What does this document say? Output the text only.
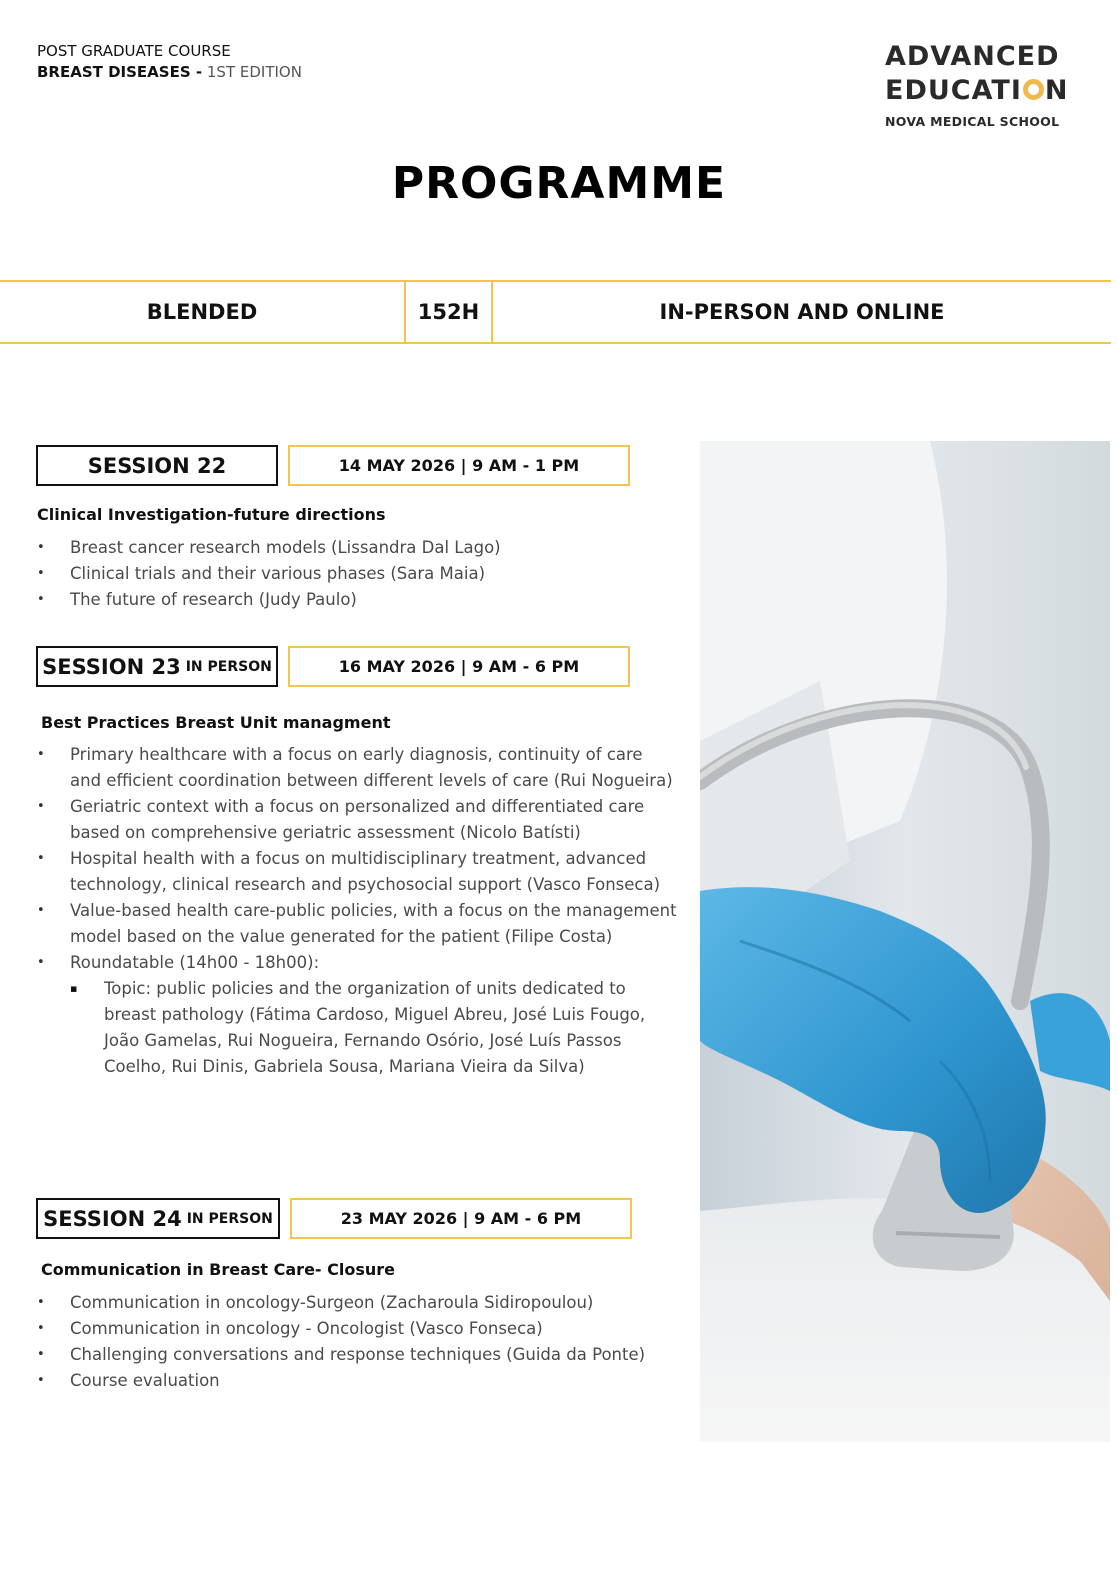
POST GRADUATE COURSE
BREAST DISEASES - 1ST EDITION	ADVANCED
EDUCATI N
NOVA MEDICAL SCHOOL
PROGRAMME
BLENDED	152H	IN-PERSON AND ONLINE
SESSION 22	14 MAY 2026 | 9 AM - 1 PM
Clinical Investigation-future directions
• Breast cancer research models (Lissandra Dal Lago)
• Clinical trials and their various phases (Sara Maia)
• The future of research (Judy Paulo)
SESSION 23 IN PERSON	16 MAY 2026 | 9 AM - 6 PM
Best Practices Breast Unit managment
• Primary healthcare with a focus on early diagnosis, continuity of care and efficient coordination between different levels of care (Rui Nogueira)
• Geriatric context with a focus on personalized and differentiated care based on comprehensive geriatric assessment (Nicolo Batísti)
• Hospital health with a focus on multidisciplinary treatment, advanced technology, clinical research and psychosocial support (Vasco Fonseca)
• Value-based health care-public policies, with a focus on the management model based on the value generated for the patient (Filipe Costa)
• Roundatable (14h00 - 18h00):
▪ Topic: public policies and the organization of units dedicated to breast pathology (Fátima Cardoso, Miguel Abreu, José Luis Fougo, João Gamelas, Rui Nogueira, Fernando Osório, José Luís Passos Coelho, Rui Dinis, Gabriela Sousa, Mariana Vieira da Silva)
SESSION 24 IN PERSON	23 MAY 2026 | 9 AM - 6 PM
Communication in Breast Care- Closure
• Communication in oncology-Surgeon (Zacharoula Sidiropoulou)
• Communication in oncology - Oncologist (Vasco Fonseca)
• Challenging conversations and response techniques (Guida da Ponte)
• Course evaluation
